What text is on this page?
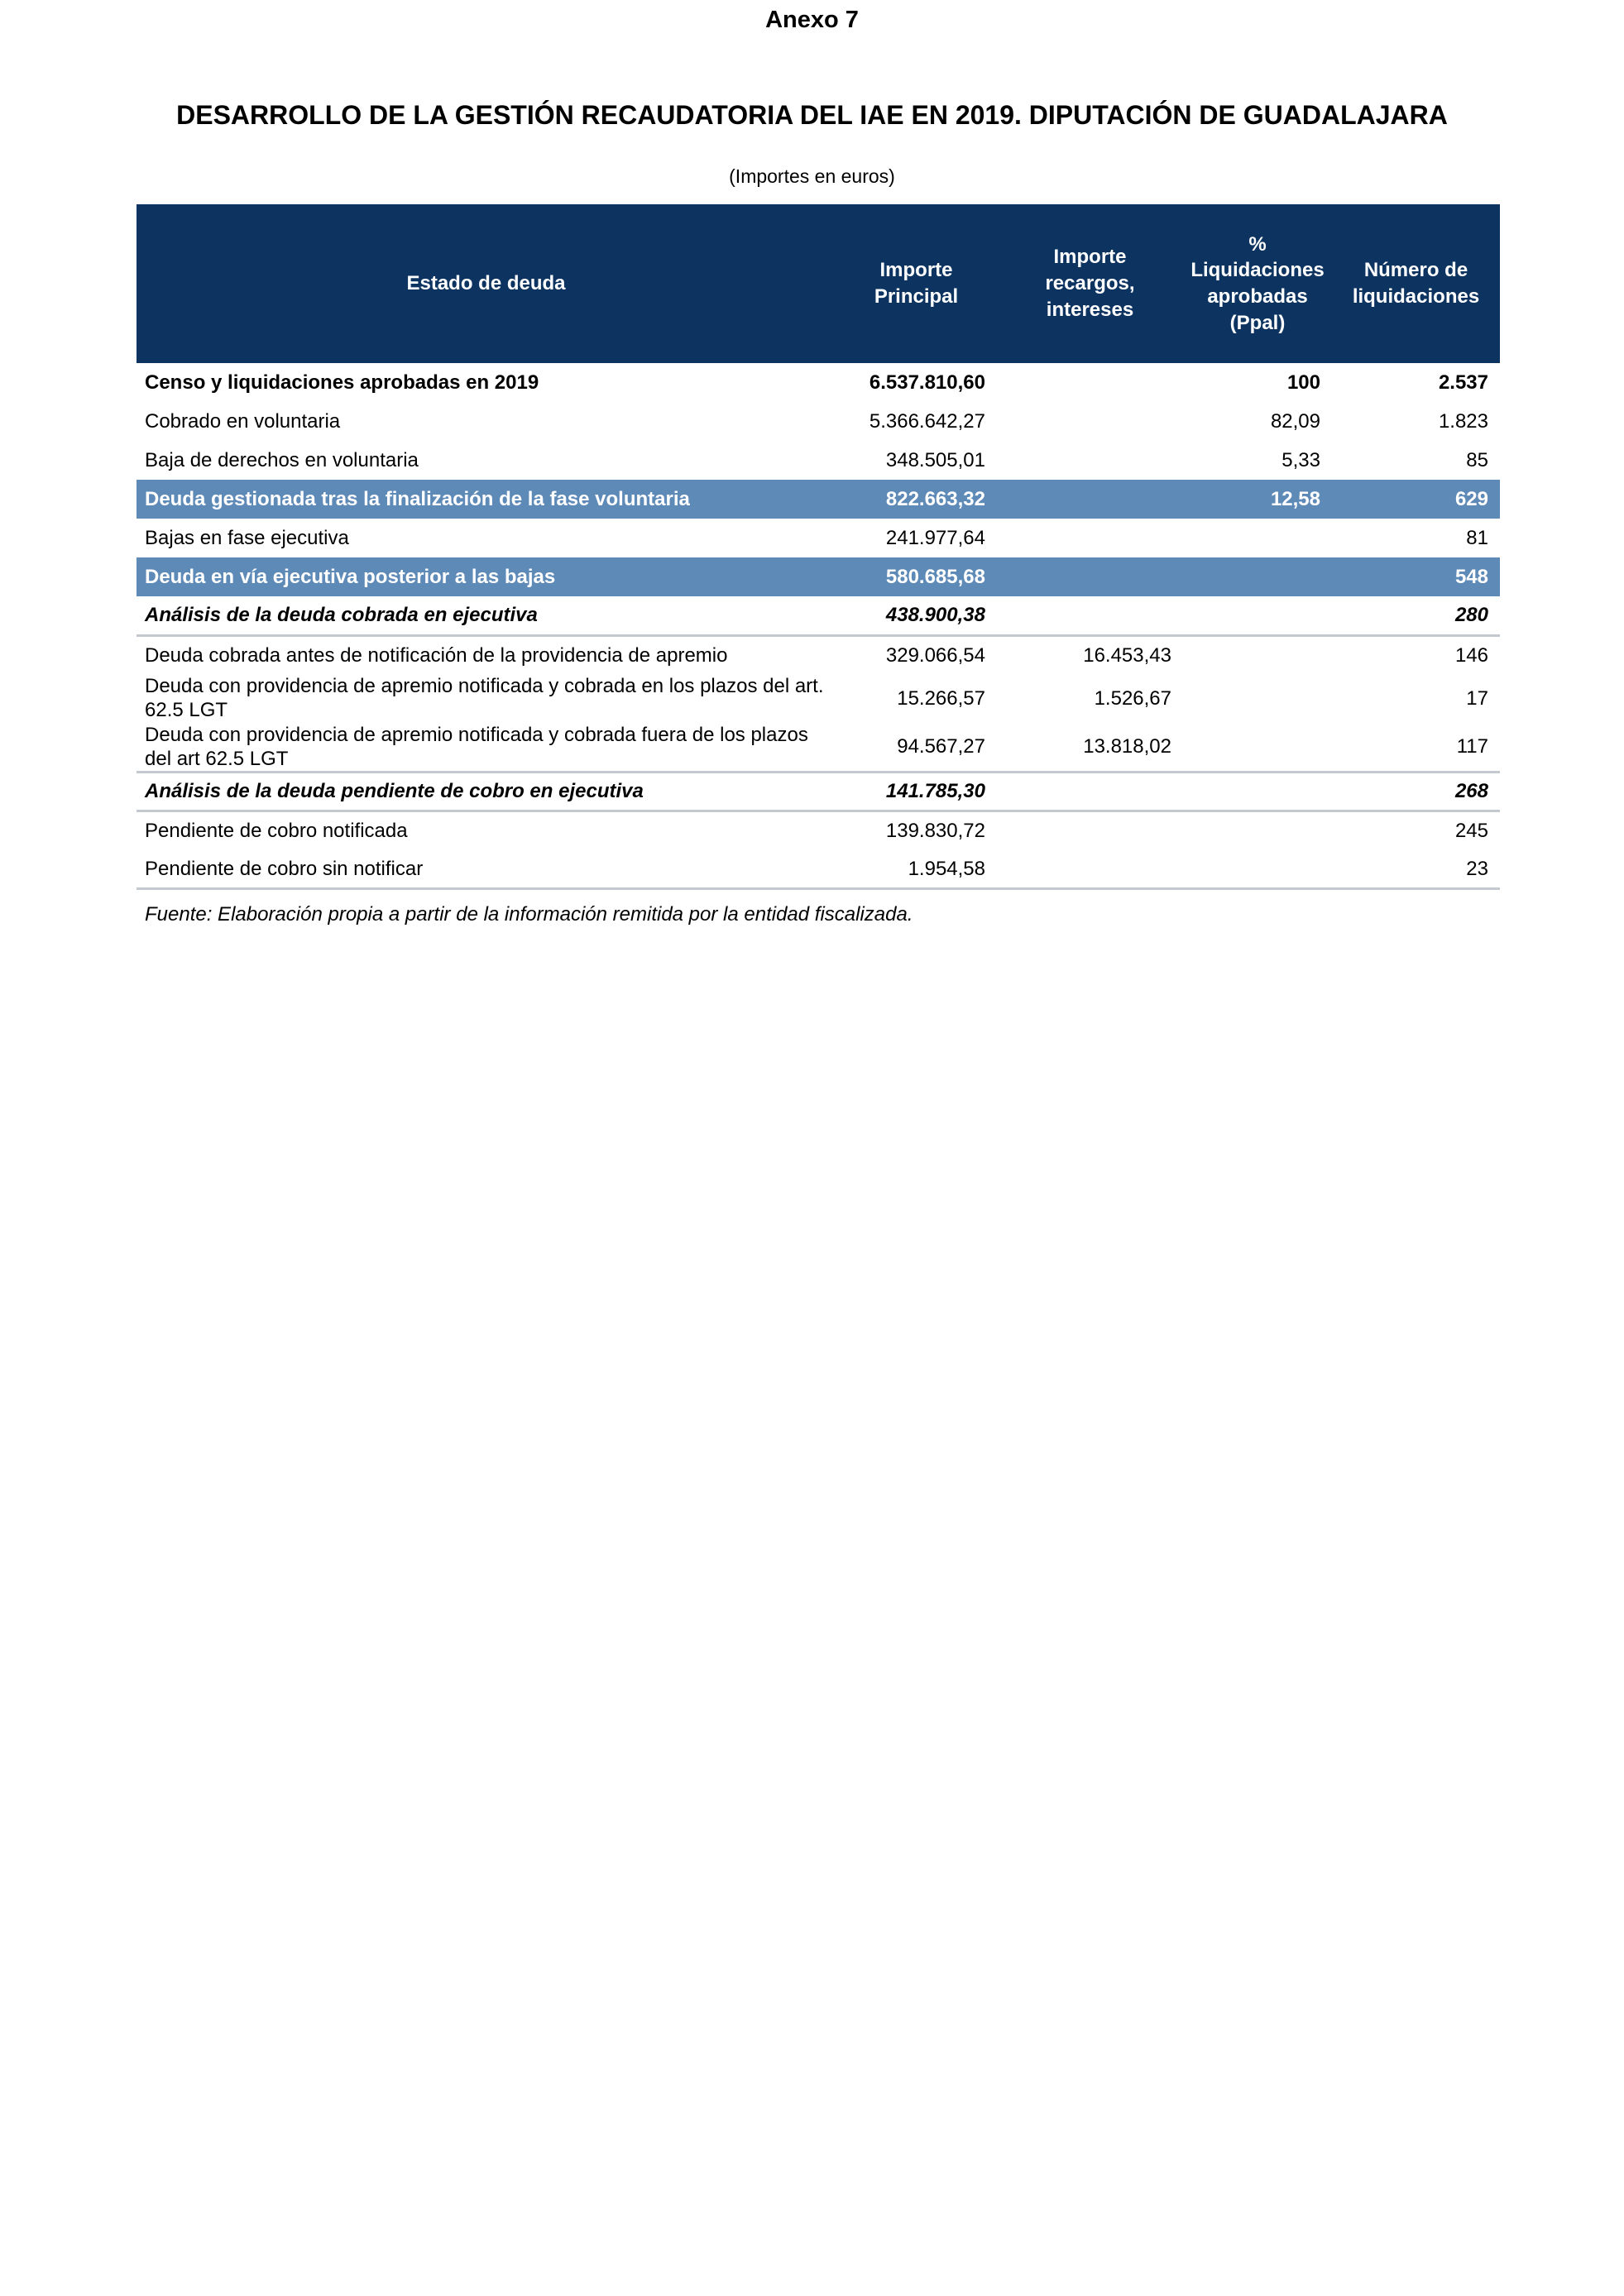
Anexo 7
DESARROLLO DE LA GESTIÓN RECAUDATORIA DEL IAE EN 2019. DIPUTACIÓN DE GUADALAJARA
(Importes en euros)
Estado de deuda	Importe Principal	Importe recargos, intereses	% Liquidaciones aprobadas (Ppal)	Número de liquidaciones
Censo y liquidaciones aprobadas en 2019	6.537.810,60		100	2.537
Cobrado en voluntaria	5.366.642,27		82,09	1.823
Baja de derechos en voluntaria	348.505,01		5,33	85
Deuda gestionada tras la finalización de la fase voluntaria	822.663,32		12,58	629
Bajas en fase ejecutiva	241.977,64			81
Deuda en vía ejecutiva posterior a las bajas	580.685,68			548
Análisis de la deuda cobrada en ejecutiva	438.900,38			280
Deuda cobrada antes de notificación de la providencia de apremio	329.066,54	16.453,43		146
Deuda con providencia de apremio notificada y cobrada en los plazos del art. 62.5 LGT	15.266,57	1.526,67		17
Deuda con providencia de apremio notificada y cobrada fuera de los plazos del art 62.5 LGT	94.567,27	13.818,02		117
Análisis de la deuda pendiente de cobro en ejecutiva	141.785,30			268
Pendiente de cobro notificada	139.830,72			245
Pendiente de cobro sin notificar	1.954,58			23
Fuente: Elaboración propia a partir de la información remitida por la entidad fiscalizada.
